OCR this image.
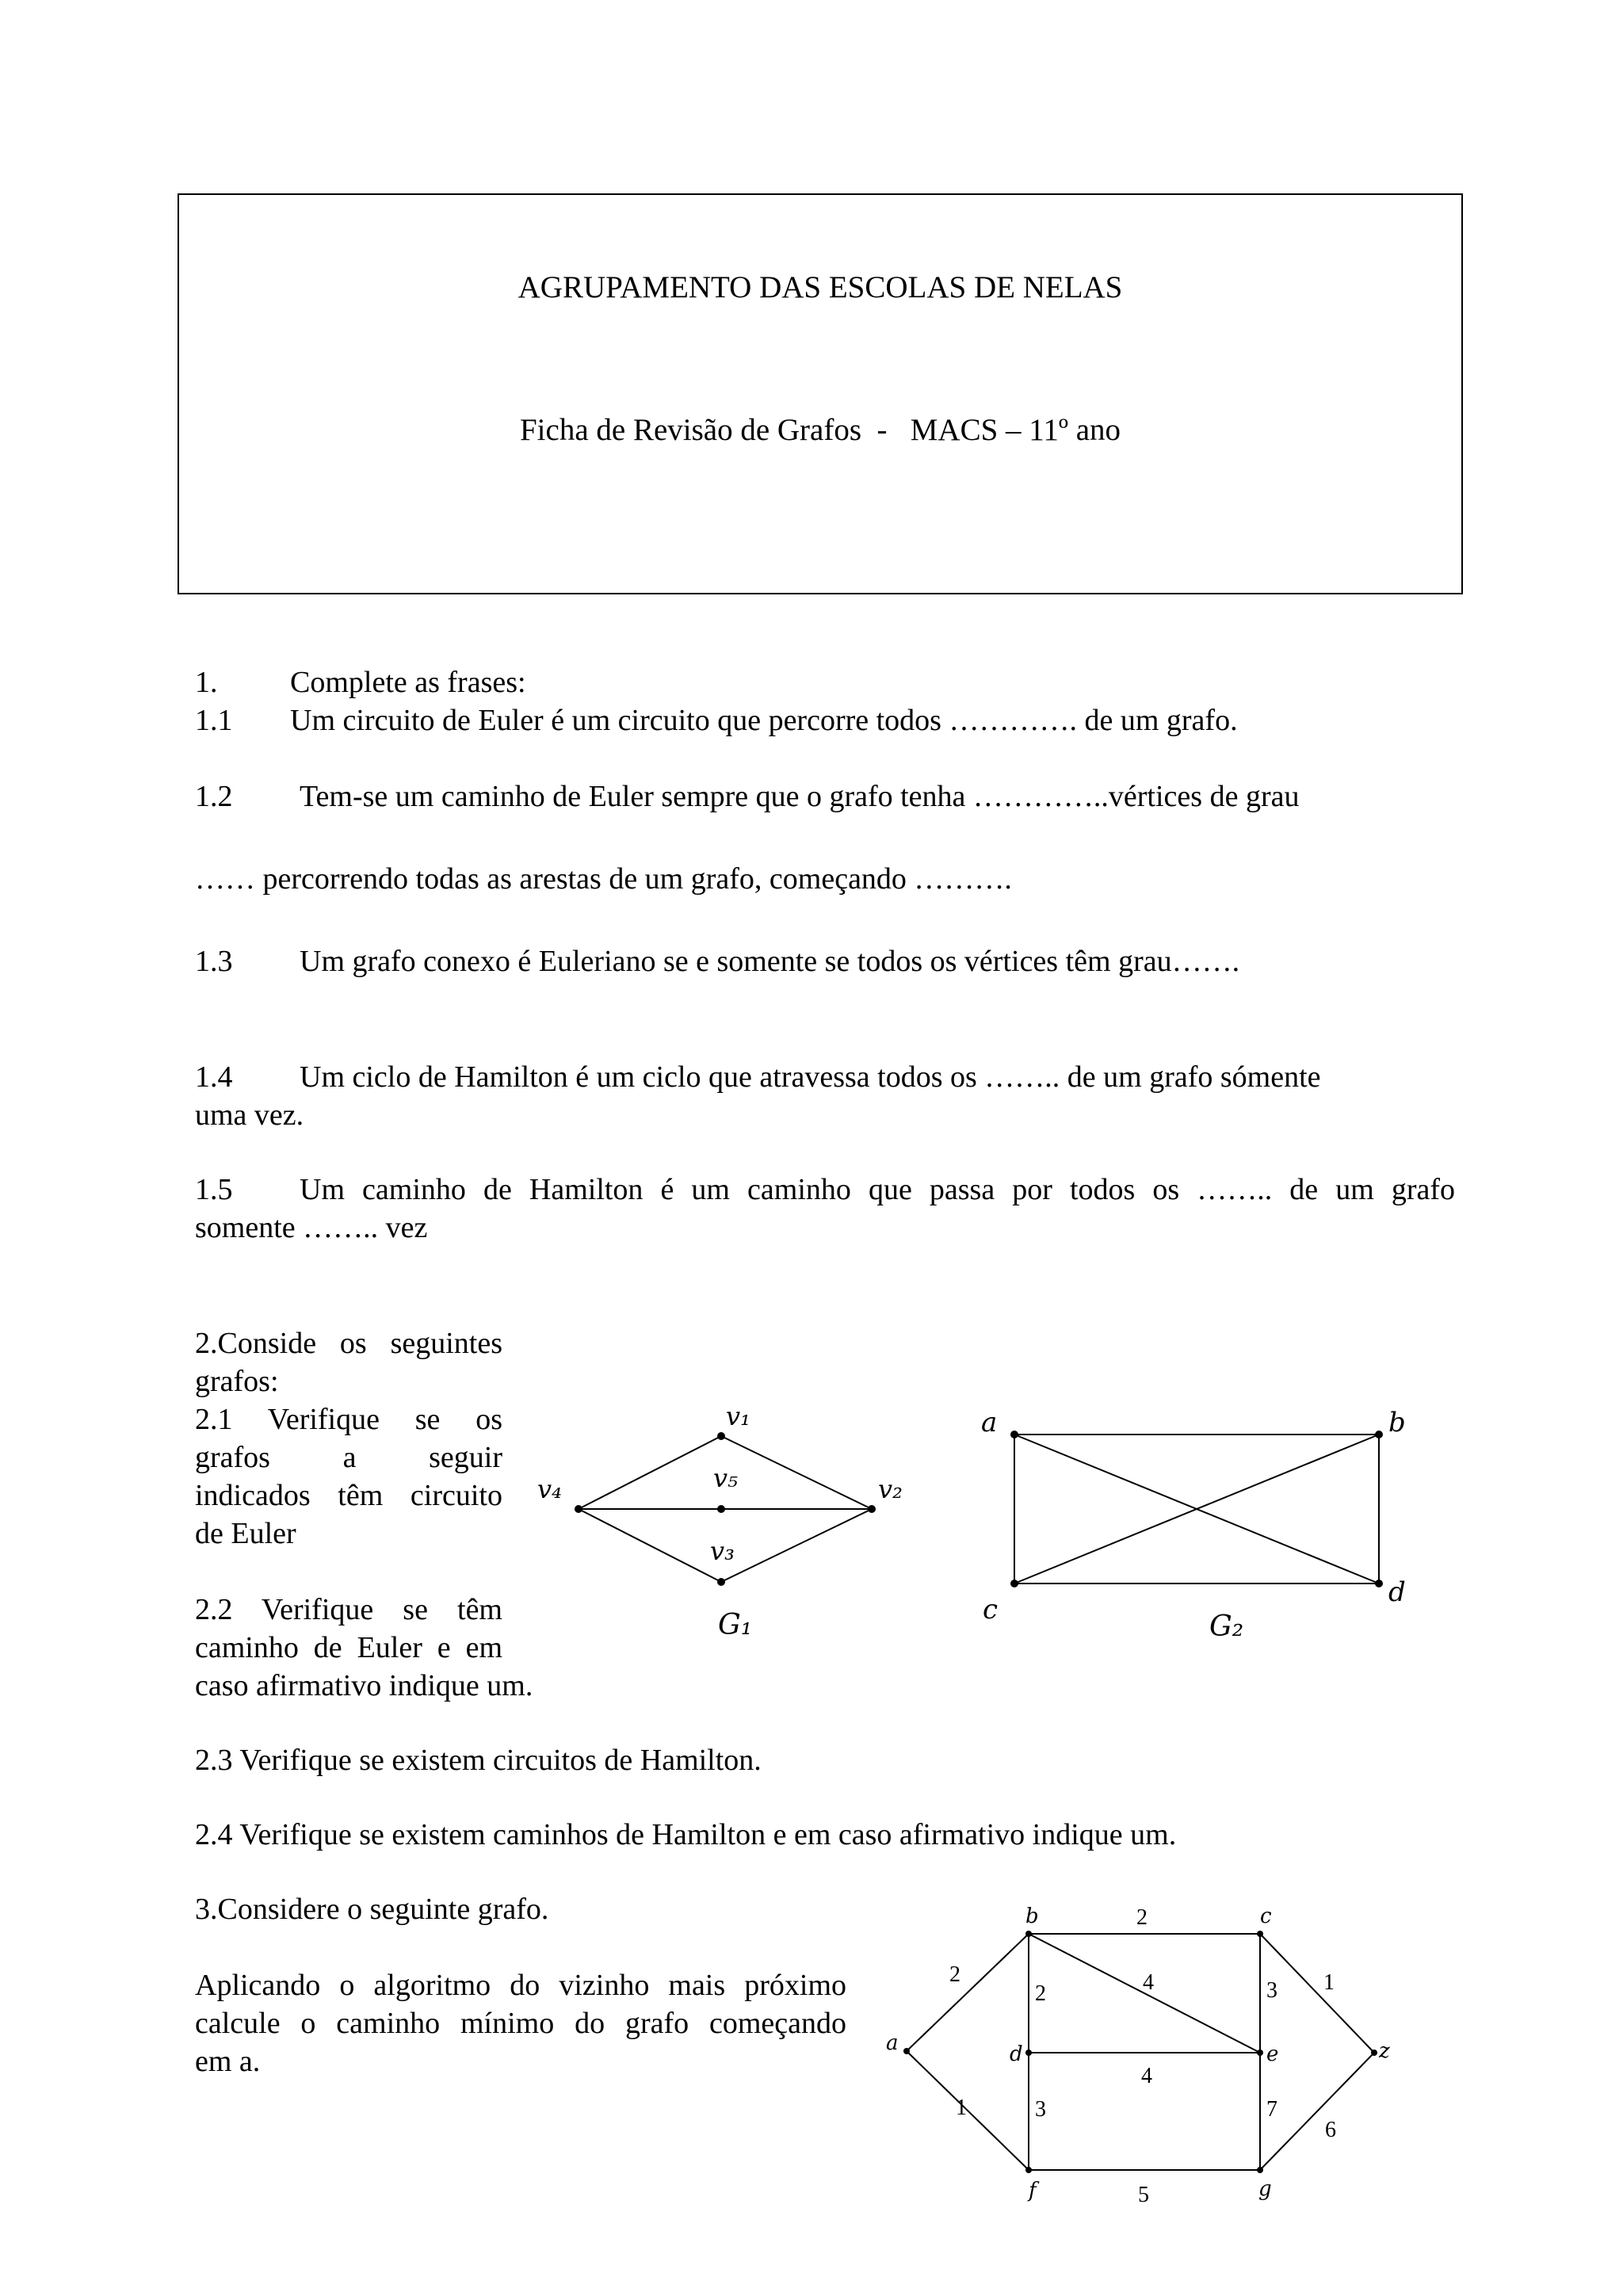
AGRUPAMENTO DAS ESCOLAS DE NELAS
Ficha de Revisão de Grafos  -   MACS – 11º ano
1. Complete as frases:
1.1 Um circuito de Euler é um circuito que percorre todos …………. de um grafo.
1.2 Tem-se um caminho de Euler sempre que o grafo tenha …………..vértices de grau
…… percorrendo todas as arestas de um grafo, começando ……….
1.3 Um grafo conexo é Euleriano se e somente se todos os vértices têm grau…….
1.4 Um ciclo de Hamilton é um ciclo que atravessa todos os …….. de um grafo sómente
uma vez.
1.5 Um caminho de Hamilton é um caminho que passa por todos os …….. de um grafo
somente …….. vez
2.Conside os seguintes
grafos:
2.1 Verifique se os
grafos a seguir
indicados têm circuito
de Euler
2.2 Verifique se têm
caminho de Euler e em
caso afirmativo indique um.
2.3 Verifique se existem circuitos de Hamilton.
2.4 Verifique se existem caminhos de Hamilton e em caso afirmativo indique um.
v₁
v₂
v₃
v₄	v₅
G₁
a	b
c
d
G₂
3.Considere o seguinte grafo.
Aplicando o algoritmo do vizinho mais próximo
calcule o caminho mínimo do grafo começando
em a.
a
b	c
d	e
f	g
z
2
2
2	4	3 1
4
1	3	7
6
5
